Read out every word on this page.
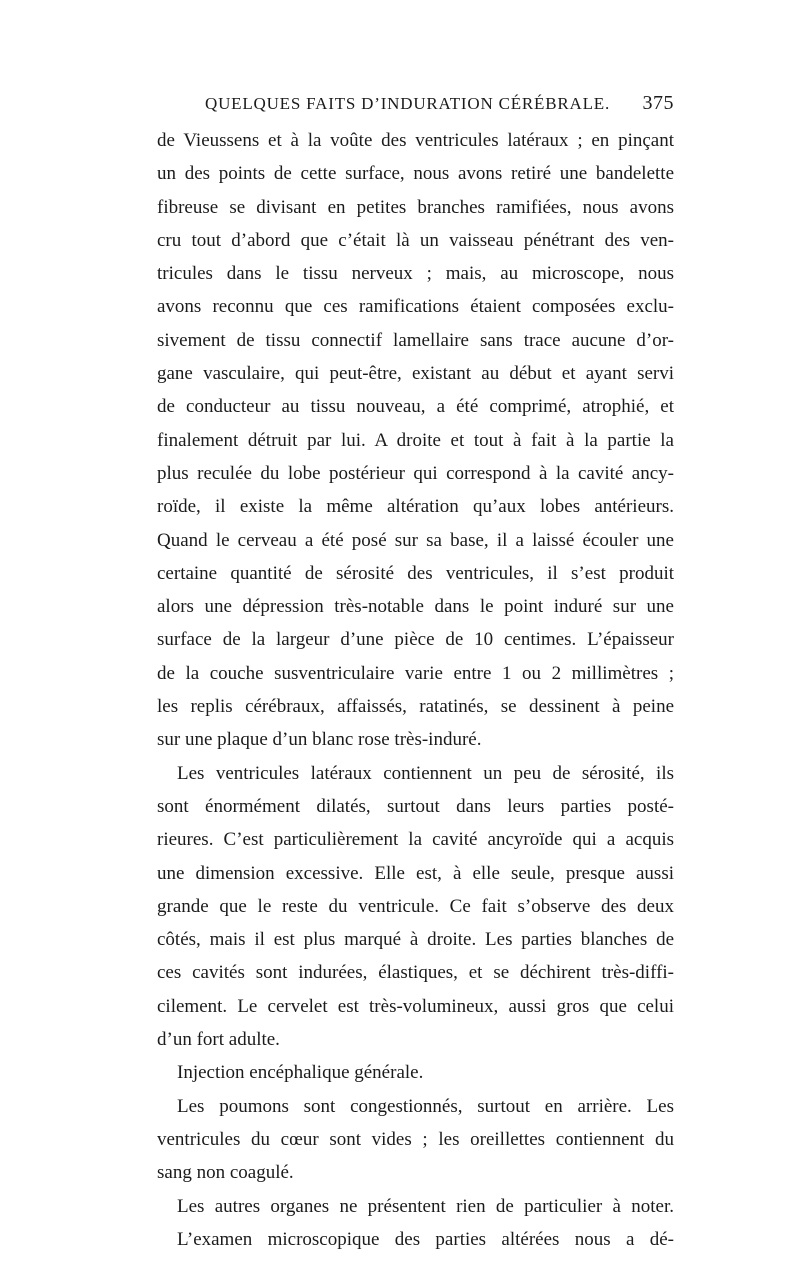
QUELQUES FAITS D’INDURATION CÉRÉBRALE. 375
de Vieussens et à la voûte des ventricules latéraux ; en pinçant
un des points de cette surface, nous avons retiré une bandelette
fibreuse se divisant en petites branches ramifiées, nous avons
cru tout d’abord que c’était là un vaisseau pénétrant des ven-
tricules dans le tissu nerveux ; mais, au microscope, nous
avons reconnu que ces ramifications étaient composées exclu-
sivement de tissu connectif lamellaire sans trace aucune d’or-
gane vasculaire, qui peut-être, existant au début et ayant servi
de conducteur au tissu nouveau, a été comprimé, atrophié, et
finalement détruit par lui. A droite et tout à fait à la partie la
plus reculée du lobe postérieur qui correspond à la cavité ancy-
roïde, il existe la même altération qu’aux lobes antérieurs.
Quand le cerveau a été posé sur sa base, il a laissé écouler une
certaine quantité de sérosité des ventricules, il s’est produit
alors une dépression très-notable dans le point induré sur une
surface de la largeur d’une pièce de 10 centimes. L’épaisseur
de la couche susventriculaire varie entre 1 ou 2 millimètres ;
les replis cérébraux, affaissés, ratatinés, se dessinent à peine
sur une plaque d’un blanc rose très-induré.
Les ventricules latéraux contiennent un peu de sérosité, ils
sont énormément dilatés, surtout dans leurs parties posté-
rieures. C’est particulièrement la cavité ancyroïde qui a acquis
une dimension excessive. Elle est, à elle seule, presque aussi
grande que le reste du ventricule. Ce fait s’observe des deux
côtés, mais il est plus marqué à droite. Les parties blanches de
ces cavités sont indurées, élastiques, et se déchirent très-diffi-
cilement. Le cervelet est très-volumineux, aussi gros que celui
d’un fort adulte.
Injection encéphalique générale.
Les poumons sont congestionnés, surtout en arrière. Les
ventricules du cœur sont vides ; les oreillettes contiennent du
sang non coagulé.
Les autres organes ne présentent rien de particulier à noter.
L’examen microscopique des parties altérées nous a dé-
